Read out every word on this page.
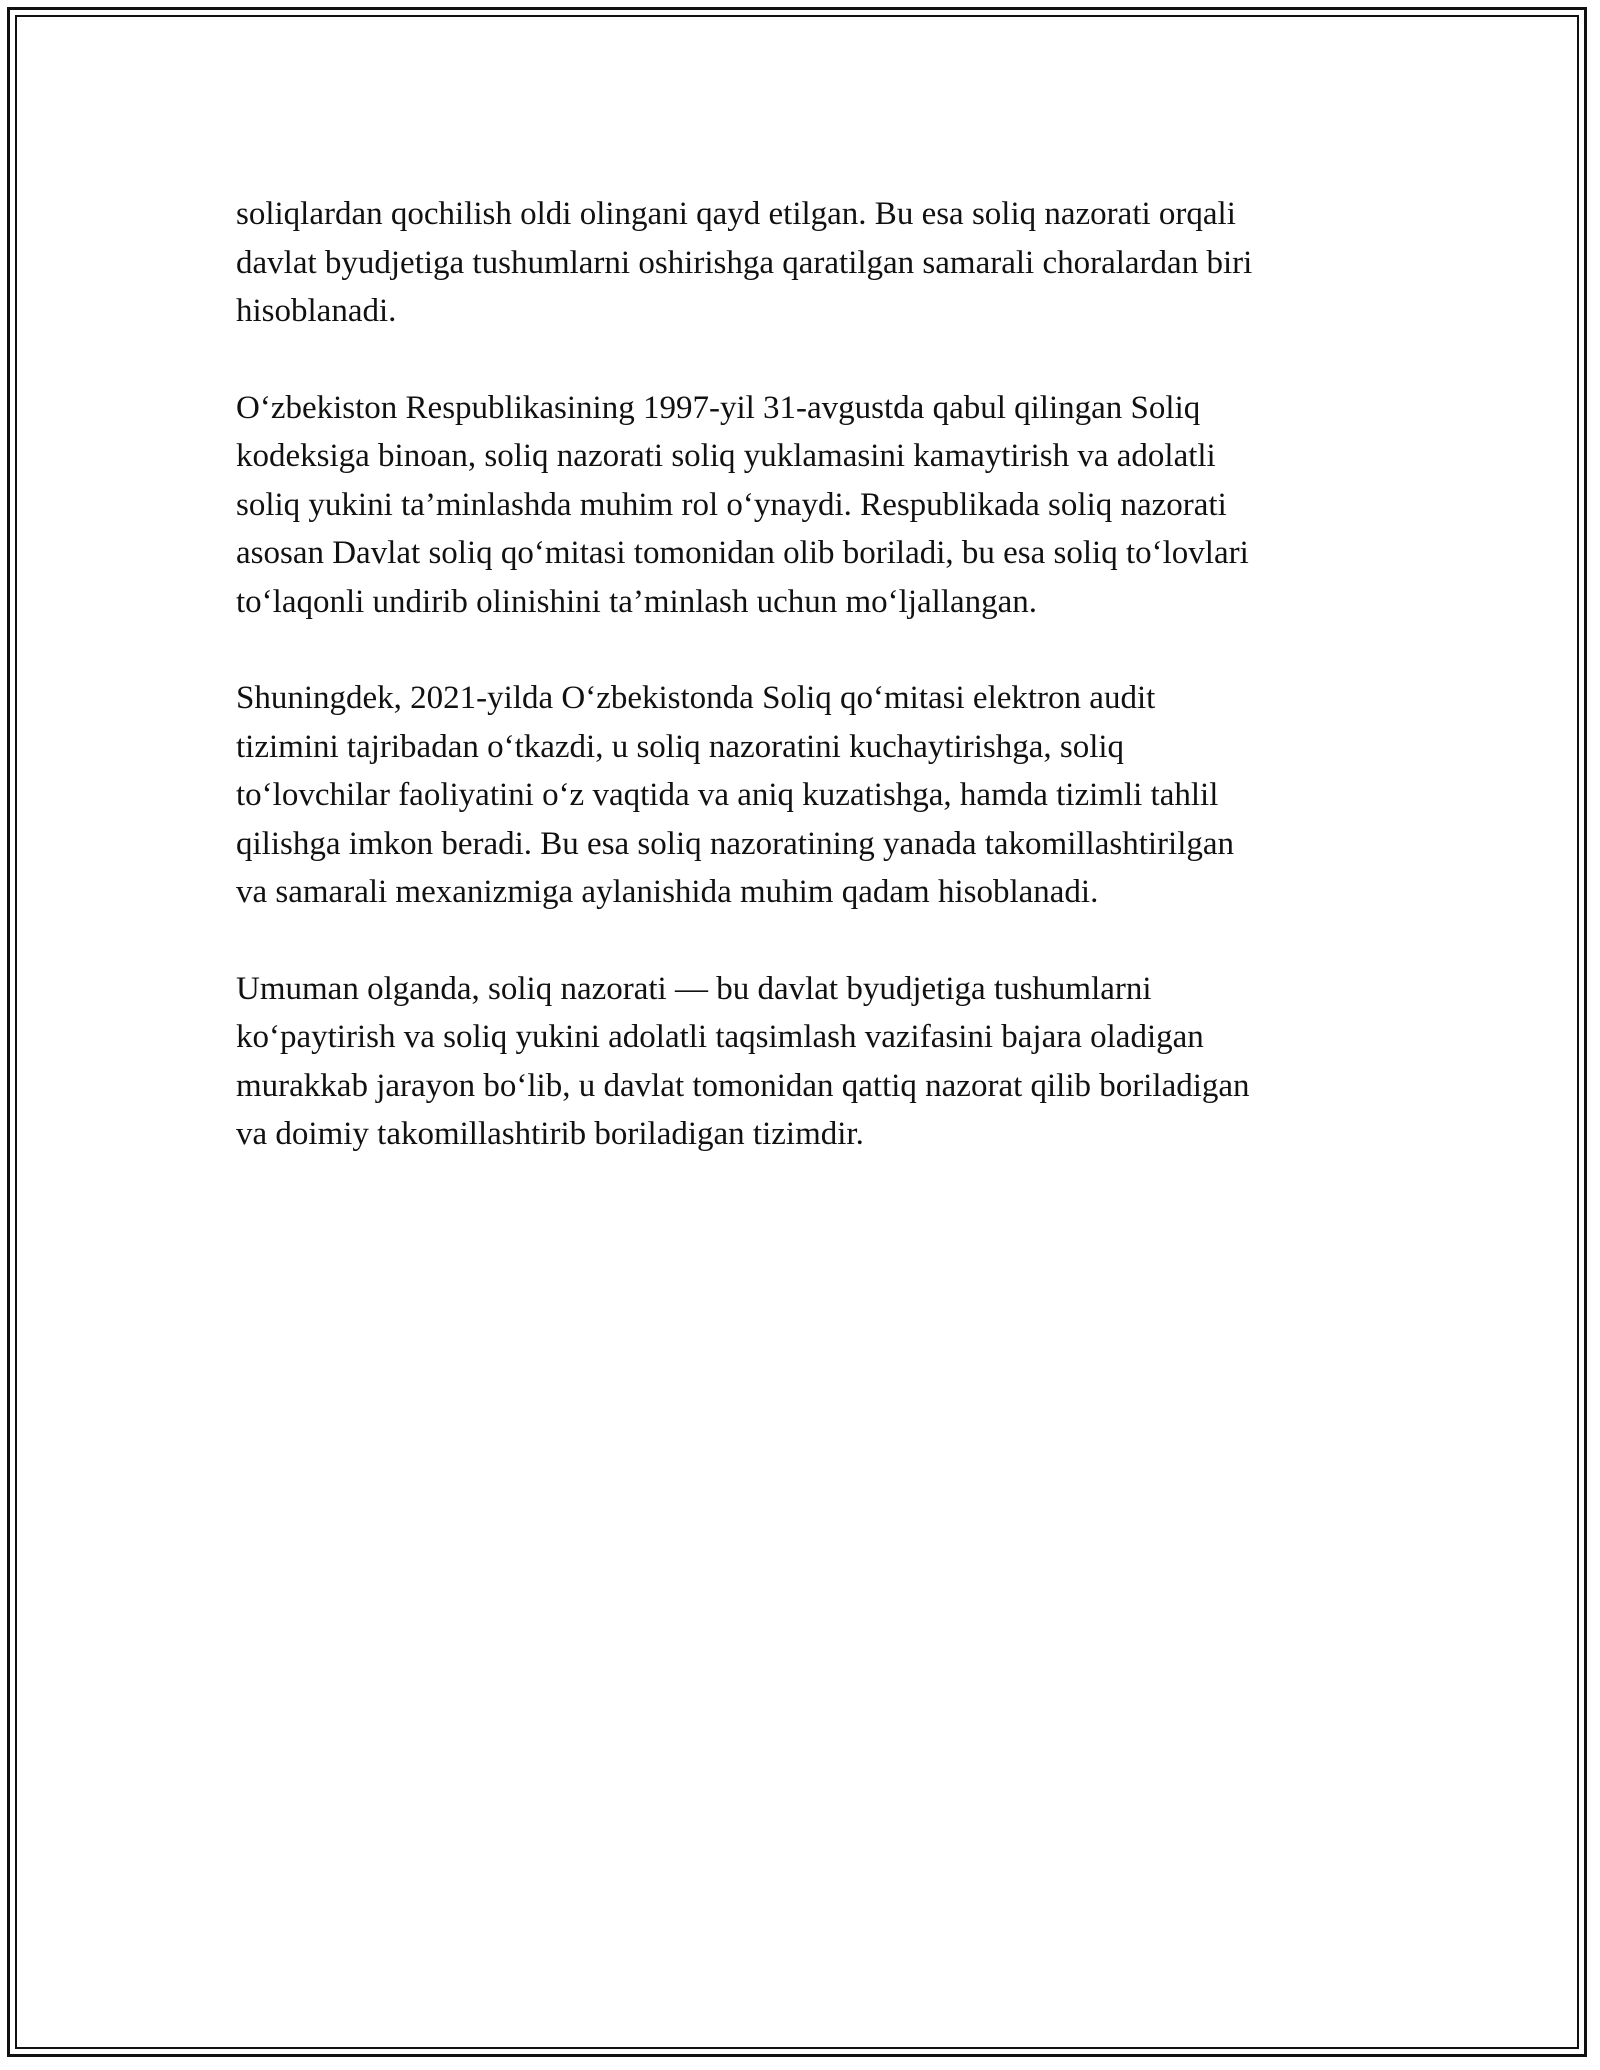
soliqlardan qochilish oldi olingani qayd etilgan. Bu esa soliq nazorati orqali
davlat byudjetiga tushumlarni oshirishga qaratilgan samarali choralardan biri
hisoblanadi.

O‘zbekiston Respublikasining 1997-yil 31-avgustda qabul qilingan Soliq
kodeksiga binoan, soliq nazorati soliq yuklamasini kamaytirish va adolatli
soliq yukini ta’minlashda muhim rol o‘ynaydi. Respublikada soliq nazorati
asosan Davlat soliq qo‘mitasi tomonidan olib boriladi, bu esa soliq to‘lovlari
to‘laqonli undirib olinishini ta’minlash uchun mo‘ljallangan.

Shuningdek, 2021-yilda O‘zbekistonda Soliq qo‘mitasi elektron audit
tizimini tajribadan o‘tkazdi, u soliq nazoratini kuchaytirishga, soliq
to‘lovchilar faoliyatini o‘z vaqtida va aniq kuzatishga, hamda tizimli tahlil
qilishga imkon beradi. Bu esa soliq nazoratining yanada takomillashtirilgan
va samarali mexanizmiga aylanishida muhim qadam hisoblanadi.

Umuman olganda, soliq nazorati — bu davlat byudjetiga tushumlarni
ko‘paytirish va soliq yukini adolatli taqsimlash vazifasini bajara oladigan
murakkab jarayon bo‘lib, u davlat tomonidan qattiq nazorat qilib boriladigan
va doimiy takomillashtirib boriladigan tizimdir.
